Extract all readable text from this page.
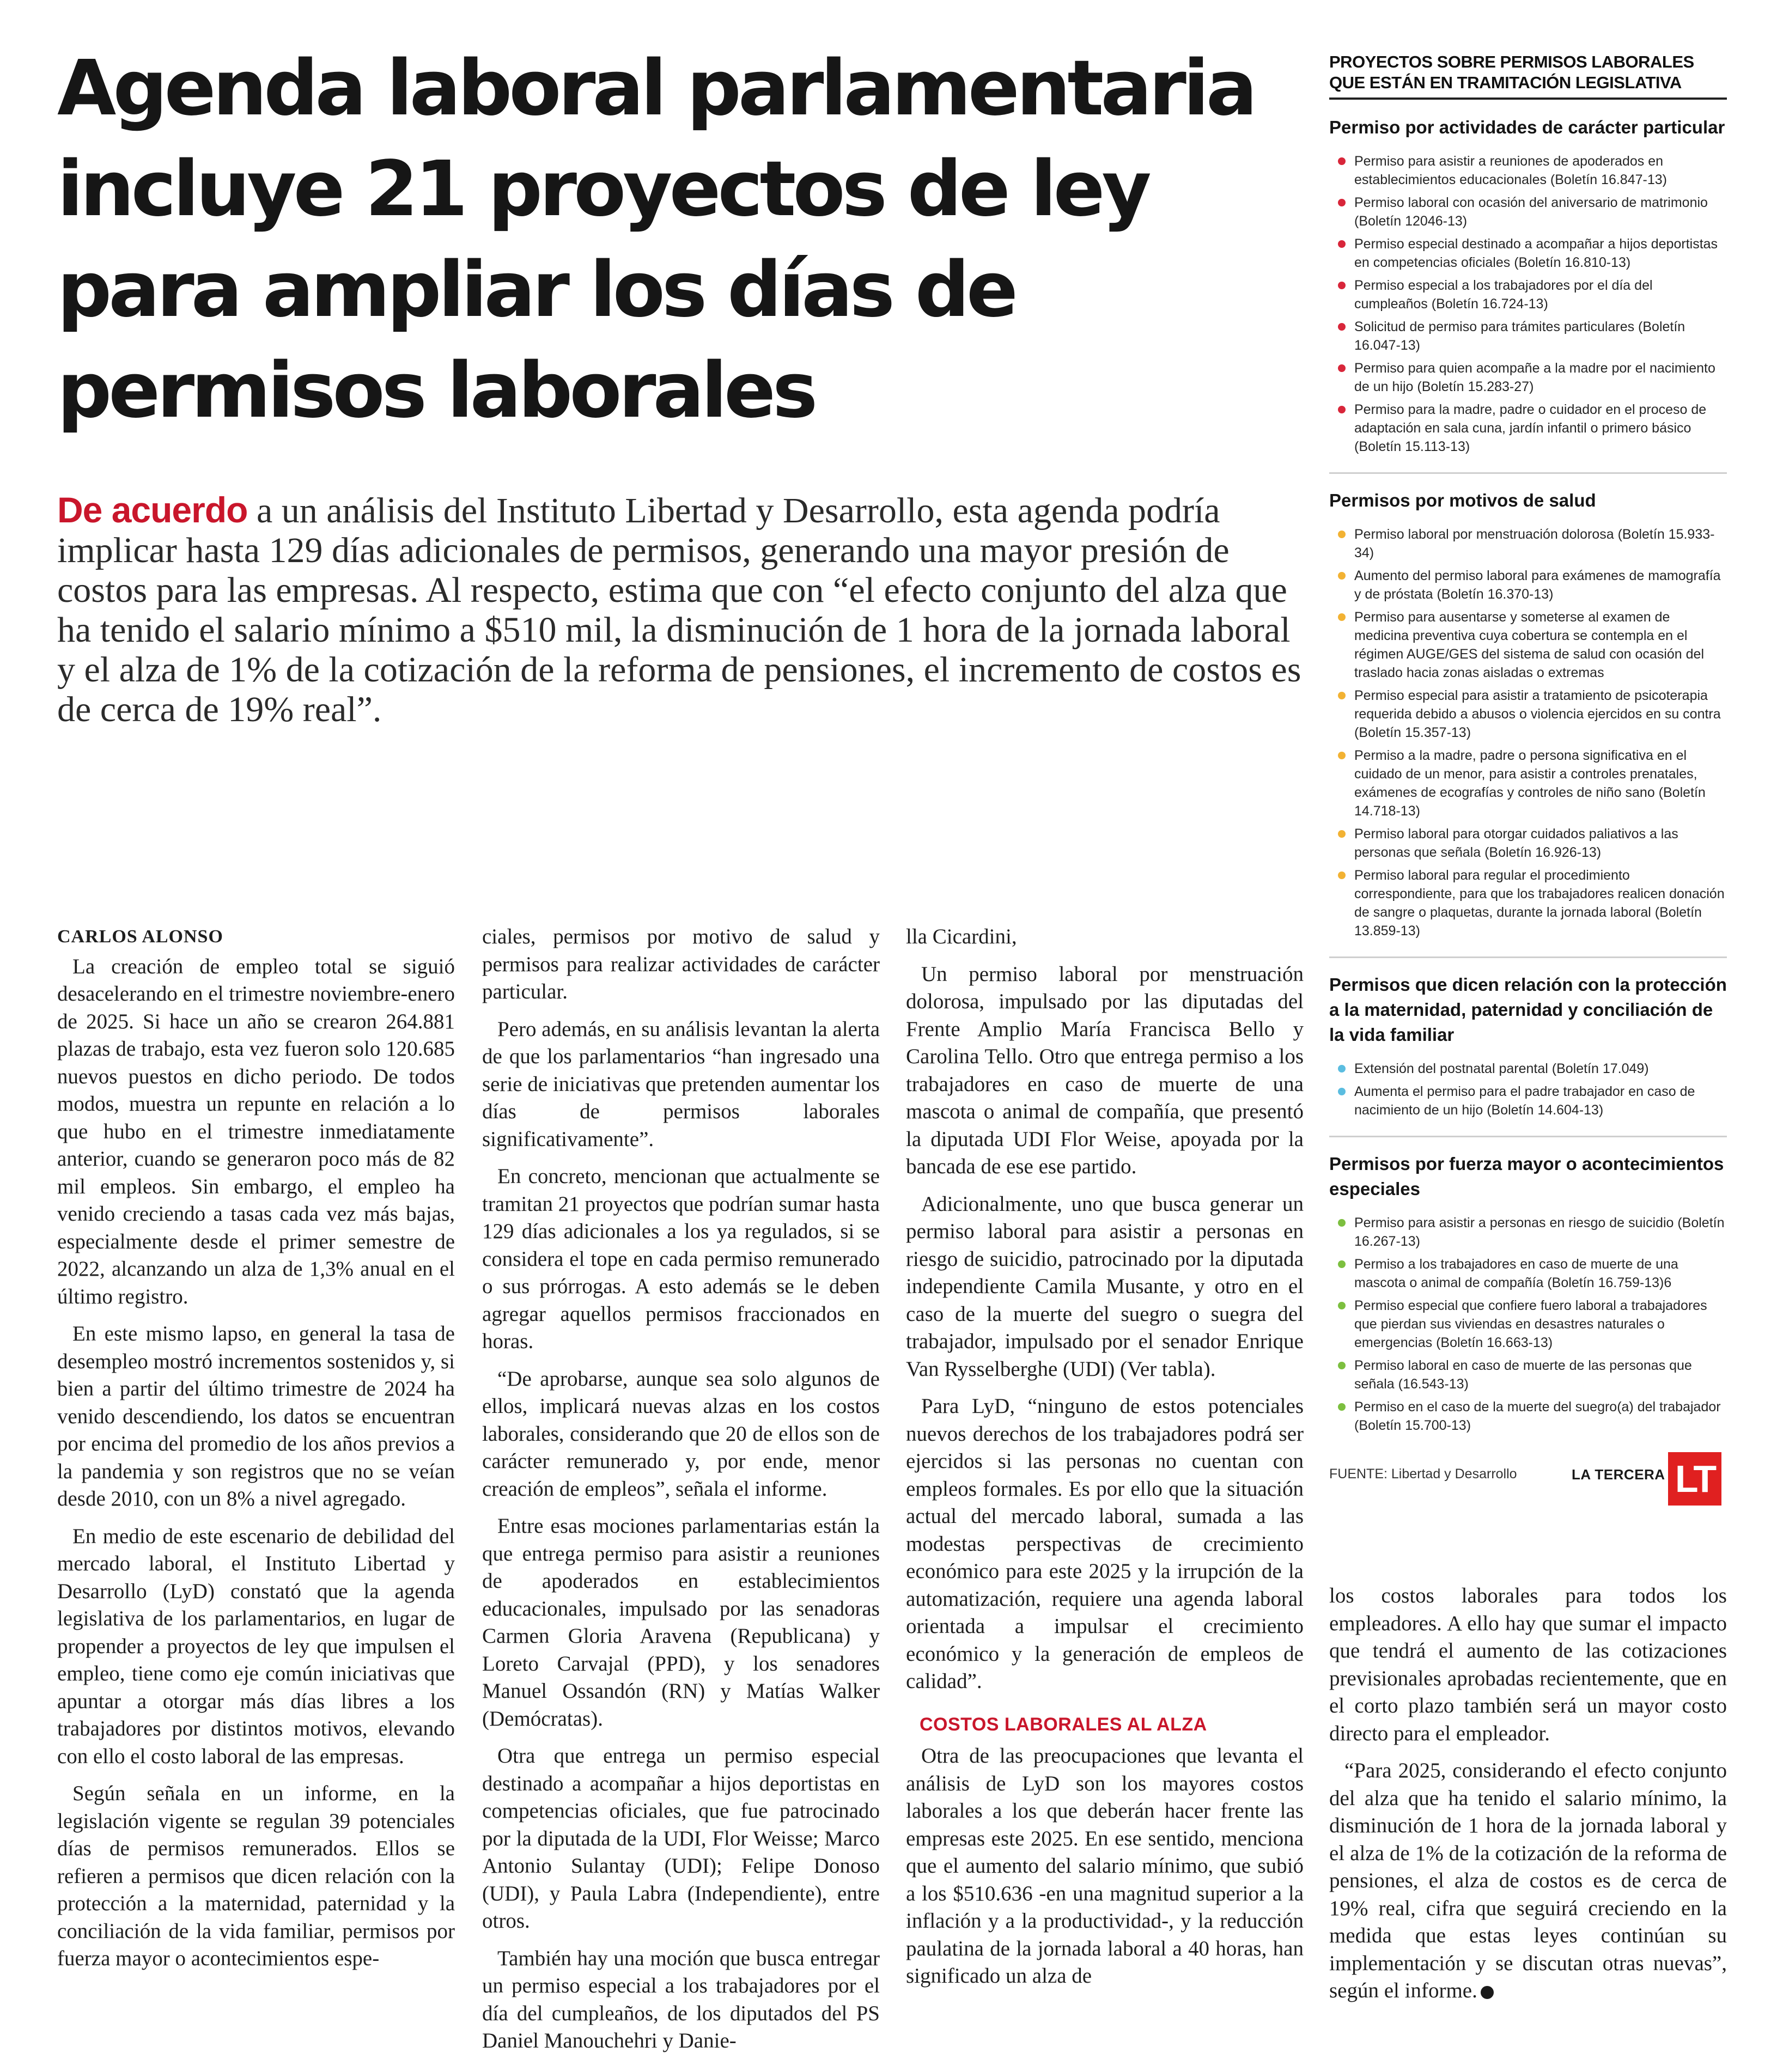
Agenda laboral parlamentaria incluye 21 proyectos de ley para ampliar los días de permisos laborales

De acuerdo a un análisis del Instituto Libertad y Desarrollo, esta agenda podría implicar hasta 129 días adicionales de permisos, generando una mayor presión de costos para las empresas. Al respecto, estima que con “el efecto conjunto del alza que ha tenido el salario mínimo a $510 mil, la disminución de 1 hora de la jornada laboral y el alza de 1% de la cotización de la reforma de pensiones, el incremento de costos es de cerca de 19% real”.

CARLOS ALONSO

La creación de empleo total se siguió desacelerando en el trimestre noviembre-enero de 2025. Si hace un año se crearon 264.881 plazas de trabajo, esta vez fueron solo 120.685 nuevos puestos en dicho periodo. De todos modos, muestra un repunte en relación a lo que hubo en el trimestre inmediatamente anterior, cuando se generaron poco más de 82 mil empleos. Sin embargo, el empleo ha venido creciendo a tasas cada vez más bajas, especialmente desde el primer semestre de 2022, alcanzando un alza de 1,3% anual en el último registro.

En este mismo lapso, en general la tasa de desempleo mostró incrementos sostenidos y, si bien a partir del último trimestre de 2024 ha venido descendiendo, los datos se encuentran por encima del promedio de los años previos a la pandemia y son registros que no se veían desde 2010, con un 8% a nivel agregado.

En medio de este escenario de debilidad del mercado laboral, el Instituto Libertad y Desarrollo (LyD) constató que la agenda legislativa de los parlamentarios, en lugar de propender a proyectos de ley que impulsen el empleo, tiene como eje común iniciativas que apuntar a otorgar más días libres a los trabajadores por distintos motivos, elevando con ello el costo laboral de las empresas.

Según señala en un informe, en la legislación vigente se regulan 39 potenciales días de permisos remunerados. Ellos se refieren a permisos que dicen relación con la protección a la maternidad, paternidad y la conciliación de la vida familiar, permisos por fuerza mayor o acontecimientos espe-

ciales, permisos por motivo de salud y permisos para realizar actividades de carácter particular.

Pero además, en su análisis levantan la alerta de que los parlamentarios “han ingresado una serie de iniciativas que pretenden aumentar los días de permisos laborales significativamente”.

En concreto, mencionan que actualmente se tramitan 21 proyectos que podrían sumar hasta 129 días adicionales a los ya regulados, si se considera el tope en cada permiso remunerado o sus prórrogas. A esto además se le deben agregar aquellos permisos fraccionados en horas.

“De aprobarse, aunque sea solo algunos de ellos, implicará nuevas alzas en los costos laborales, considerando que 20 de ellos son de carácter remunerado y, por ende, menor creación de empleos”, señala el informe.

Entre esas mociones parlamentarias están la que entrega permiso para asistir a reuniones de apoderados en establecimientos educacionales, impulsado por las senadoras Carmen Gloria Aravena (Republicana) y Loreto Carvajal (PPD), y los senadores Manuel Ossandón (RN) y Matías Walker (Demócratas).

Otra que entrega un permiso especial destinado a acompañar a hijos deportistas en competencias oficiales, que fue patrocinado por la diputada de la UDI, Flor Weisse; Marco Antonio Sulantay (UDI); Felipe Donoso (UDI), y Paula Labra (Independiente), entre otros.

También hay una moción que busca entregar un permiso especial a los trabajadores por el día del cumpleaños, de los diputados del PS Daniel Manouchehri y Danie-

lla Cicardini,

Un permiso laboral por menstruación dolorosa, impulsado por las diputadas del Frente Amplio María Francisca Bello y Carolina Tello. Otro que entrega permiso a los trabajadores en caso de muerte de una mascota o animal de compañía, que presentó la diputada UDI Flor Weise, apoyada por la bancada de ese ese partido.

Adicionalmente, uno que busca generar un permiso laboral para asistir a personas en riesgo de suicidio, patrocinado por la diputada independiente Camila Musante, y otro en el caso de la muerte del suegro o suegra del trabajador, impulsado por el senador Enrique Van Rysselberghe (UDI) (Ver tabla).

Para LyD, “ninguno de estos potenciales nuevos derechos de los trabajadores podrá ser ejercidos si las personas no cuentan con empleos formales. Es por ello que la situación actual del mercado laboral, sumada a las modestas perspectivas de crecimiento económico para este 2025 y la irrupción de la automatización, requiere una agenda laboral orientada a impulsar el crecimiento económico y la generación de empleos de calidad”.

COSTOS LABORALES AL ALZA

Otra de las preocupaciones que levanta el análisis de LyD son los mayores costos laborales a los que deberán hacer frente las empresas este 2025. En ese sentido, menciona que el aumento del salario mínimo, que subió a los $510.636 -en una magnitud superior a la inflación y a la productividad-, y la reducción paulatina de la jornada laboral a 40 horas, han significado un alza de

los costos laborales para todos los empleadores. A ello hay que sumar el impacto que tendrá el aumento de las cotizaciones previsionales aprobadas recientemente, que en el corto plazo también será un mayor costo directo para el empleador.

“Para 2025, considerando el efecto conjunto del alza que ha tenido el salario mínimo, la disminución de 1 hora de la jornada laboral y el alza de 1% de la cotización de la reforma de pensiones, el alza de costos es de cerca de 19% real, cifra que seguirá creciendo en la medida que estas leyes continúan su implementación y se discutan otras nuevas”, según el informe. ●

PROYECTOS SOBRE PERMISOS LABORALES QUE ESTÁN EN TRAMITACIÓN LEGISLATIVA
Permiso por actividades de carácter particular
Permiso para asistir a reuniones de apoderados en establecimientos educacionales (Boletín 16.847-13)
Permiso laboral con ocasión del aniversario de matrimonio (Boletín 12046-13)
Permiso especial destinado a acompañar a hijos deportistas en competencias oficiales (Boletín 16.810-13)
Permiso especial a los trabajadores por el día del cumpleaños (Boletín 16.724-13)
Solicitud de permiso para trámites particulares (Boletín 16.047-13)
Permiso para quien acompañe a la madre por el nacimiento de un hijo (Boletín 15.283-27)
Permiso para la madre, padre o cuidador en el proceso de adaptación en sala cuna, jardín infantil o primero básico (Boletín 15.113-13)
Permisos por motivos de salud
Permiso laboral por menstruación dolorosa (Boletín 15.933-34)
Aumento del permiso laboral para exámenes de mamografía y de próstata (Boletín 16.370-13)
Permiso para ausentarse y someterse al examen de medicina preventiva cuya cobertura se contempla en el régimen AUGE/GES del sistema de salud con ocasión del traslado hacia zonas aisladas o extremas
Permiso especial para asistir a tratamiento de psicoterapia requerida debido a abusos o violencia ejercidos en su contra (Boletín 15.357-13)
Permiso a la madre, padre o persona significativa en el cuidado de un menor, para asistir a controles prenatales, exámenes de ecografías y controles de niño sano (Boletín 14.718-13)
Permiso laboral para otorgar cuidados paliativos a las personas que señala (Boletín 16.926-13)
Permiso laboral para regular el procedimiento correspondiente, para que los trabajadores realicen donación de sangre o plaquetas, durante la jornada laboral (Boletín 13.859-13)
Permisos que dicen relación con la protección a la maternidad, paternidad y conciliación de la vida familiar
Extensión del postnatal parental (Boletín 17.049)
Aumenta el permiso para el padre trabajador en caso de nacimiento de un hijo (Boletín 14.604-13)
Permisos por fuerza mayor o acontecimientos especiales
Permiso para asistir a personas en riesgo de suicidio (Boletín 16.267-13)
Permiso a los trabajadores en caso de muerte de una mascota o animal de compañía (Boletín 16.759-13)6
Permiso especial que confiere fuero laboral a trabajadores que pierdan sus viviendas en desastres naturales o emergencias (Boletín 16.663-13)
Permiso laboral en caso de muerte de las personas que señala (16.543-13)
Permiso en el caso de la muerte del suegro(a) del trabajador (Boletín 15.700-13)
FUENTE: Libertad y Desarrollo	LA TERCERA LT
